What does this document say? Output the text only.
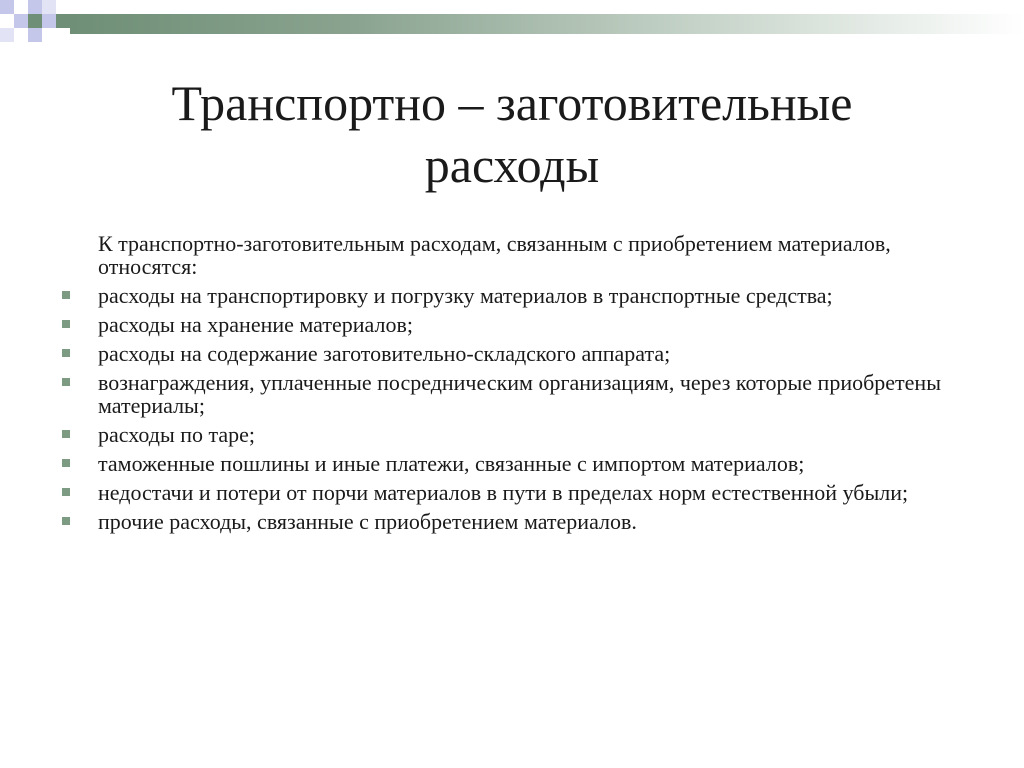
Транспортно – заготовительные расходы

К транспортно-заготовительным расходам, связанным с приобретением материалов, относятся:

расходы на транспортировку и погрузку материалов в транспортные средства;
расходы на хранение материалов;
расходы на содержание заготовительно-складского аппарата;
вознаграждения, уплаченные посредническим организациям, через которые приобретены материалы;
расходы по таре;
таможенные пошлины и иные платежи, связанные с импортом материалов;
недостачи и потери от порчи материалов в пути в пределах норм естественной убыли;
прочие расходы, связанные с приобретением материалов.
